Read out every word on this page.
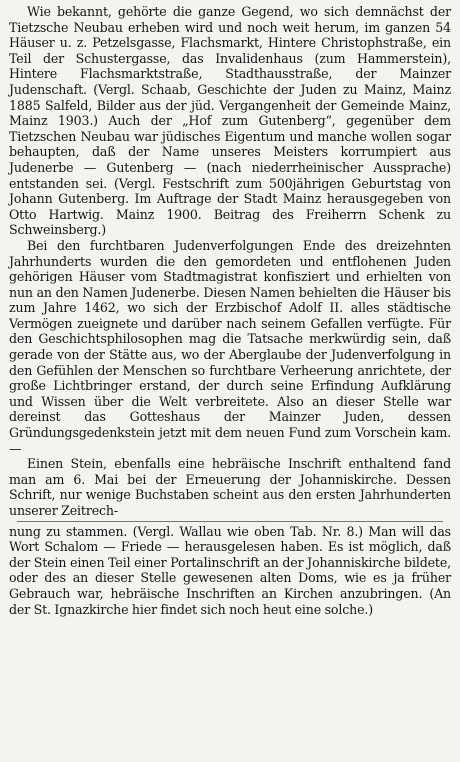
Wie bekannt, gehörte die ganze Gegend, wo sich demnächst der Tietzsche Neubau erheben wird und noch weit herum, im ganzen 54 Häuser u. z. Petzelsgasse, Flachsmarkt, Hintere Christophstraße, ein Teil der Schustergasse, das Invalidenhaus (zum Hammerstein), Hintere Flachsmarktstraße, Stadthausstraße, der Mainzer Judenschaft. (Vergl. Schaab, Geschichte der Juden zu Mainz, Mainz 1885 Salfeld, Bilder aus der jüd. Vergangenheit der Gemeinde Mainz, Mainz 1903.) Auch der „Hof zum Gutenberg“, gegenüber dem Tietzschen Neubau war jüdisches Eigentum und manche wollen sogar behaupten, daß der Name unseres Meisters korrumpiert aus Judenerbe — Gutenberg — (nach niederrheinischer Aussprache) entstanden sei. (Vergl. Festschrift zum 500jährigen Geburtstag von Johann Gutenberg. Im Auftrage der Stadt Mainz herausgegeben von Otto Hartwig. Mainz 1900. Beitrag des Freiherrn Schenk zu Schweinsberg.)

Bei den furchtbaren Judenverfolgungen Ende des dreizehnten Jahrhunderts wurden die den gemordeten und entflohenen Juden gehörigen Häuser vom Stadtmagistrat konfisziert und erhielten von nun an den Namen Judenerbe. Diesen Namen behielten die Häuser bis zum Jahre 1462, wo sich der Erzbischof Adolf II. alles städtische Vermögen zueignete und darüber nach seinem Gefallen verfügte. Für den Geschichtsphilosophen mag die Tatsache merkwürdig sein, daß gerade von der Stätte aus, wo der Aberglaube der Judenverfolgung in den Gefühlen der Menschen so furchtbare Verheerung anrichtete, der große Lichtbringer erstand, der durch seine Erfindung Aufklärung und Wissen über die Welt verbreitete. Also an dieser Stelle war dereinst das Gotteshaus der Mainzer Juden, dessen Gründungsgedenkstein jetzt mit dem neuen Fund zum Vorschein kam. —

Einen Stein, ebenfalls eine hebräische Inschrift enthaltend fand man am 6. Mai bei der Erneuerung der Johanniskirche. Dessen Schrift, nur wenige Buchstaben scheint aus den ersten Jahrhunderten unserer Zeitrech-

nung zu stammen. (Vergl. Wallau wie oben Tab. Nr. 8.) Man will das Wort Schalom — Friede — herausgelesen haben. Es ist möglich, daß der Stein einen Teil einer Portalinschrift an der Johanniskirche bildete, oder des an dieser Stelle gewesenen alten Doms, wie es ja früher Gebrauch war, hebräische Inschriften an Kirchen anzubringen. (An der St. Ignazkirche hier findet sich noch heut eine solche.)
